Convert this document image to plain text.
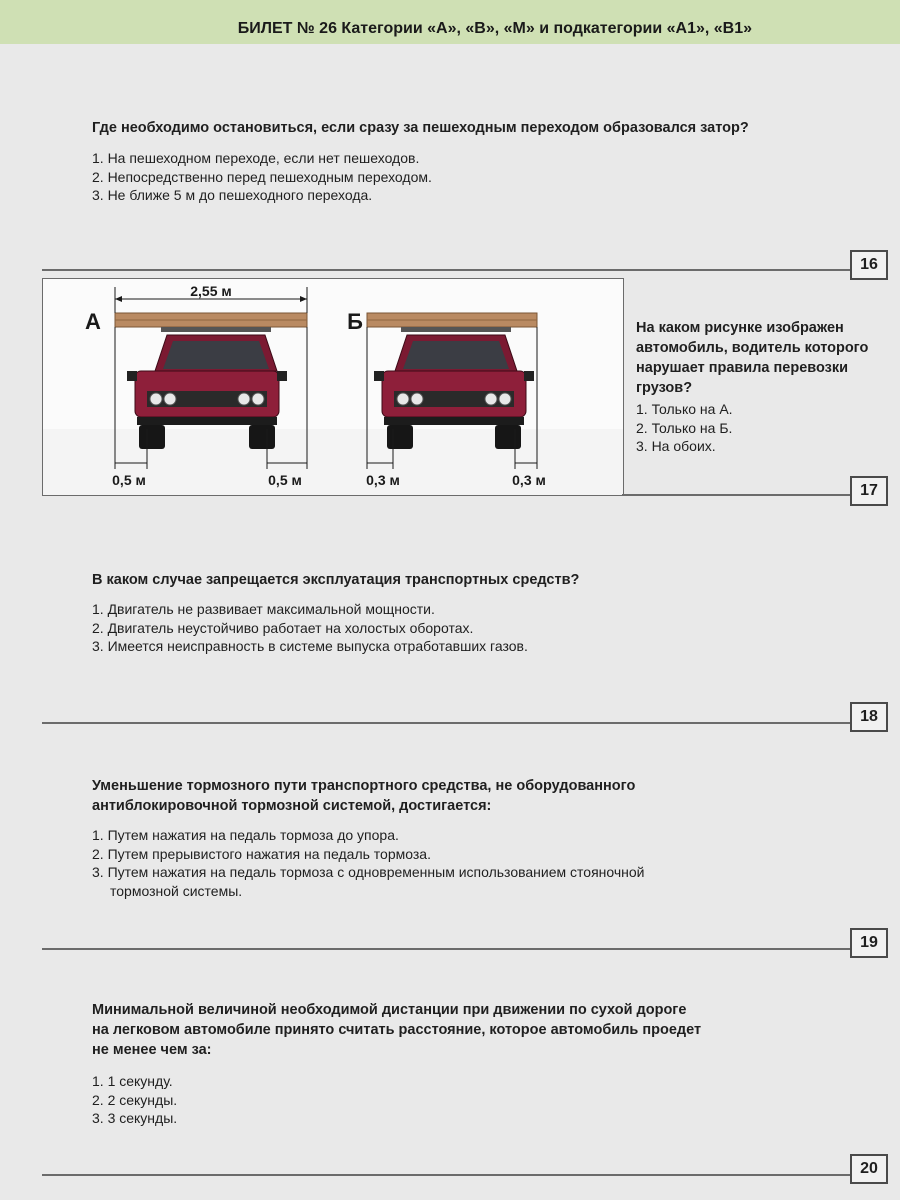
БИЛЕТ № 26 Категории «А», «В», «М» и подкатегории «А1», «В1»
Где необходимо остановиться, если сразу за пешеходным переходом образовался затор?
1. На пешеходном переходе, если нет пешеходов.
2. Непосредственно перед пешеходным переходом.
3. Не ближе 5 м до пешеходного перехода.
16
2,55 м
А
0,5 м	0,5 м
Б
0,3 м	0,3 м
На каком рисунке изображен автомобиль, водитель которого нарушает правила перевозки грузов?
1. Только на А.
2. Только на Б.
3. На обоих.
17
В каком случае запрещается эксплуатация транспортных средств?
1. Двигатель не развивает максимальной мощности.
2. Двигатель неустойчиво работает на холостых оборотах.
3. Имеется неисправность в системе выпуска отработавших газов.
18
Уменьшение тормозного пути транспортного средства, не оборудованного
антиблокировочной тормозной системой, достигается:
1. Путем нажатия на педаль тормоза до упора.
2. Путем прерывистого нажатия на педаль тормоза.
3. Путем нажатия на педаль тормоза с одновременным использованием стояночной
тормозной системы.
19
Минимальной величиной необходимой дистанции при движении по сухой дороге
на легковом автомобиле принято считать расстояние, которое автомобиль проедет
не менее чем за:
1. 1 секунду.
2. 2 секунды.
3. 3 секунды.
20
